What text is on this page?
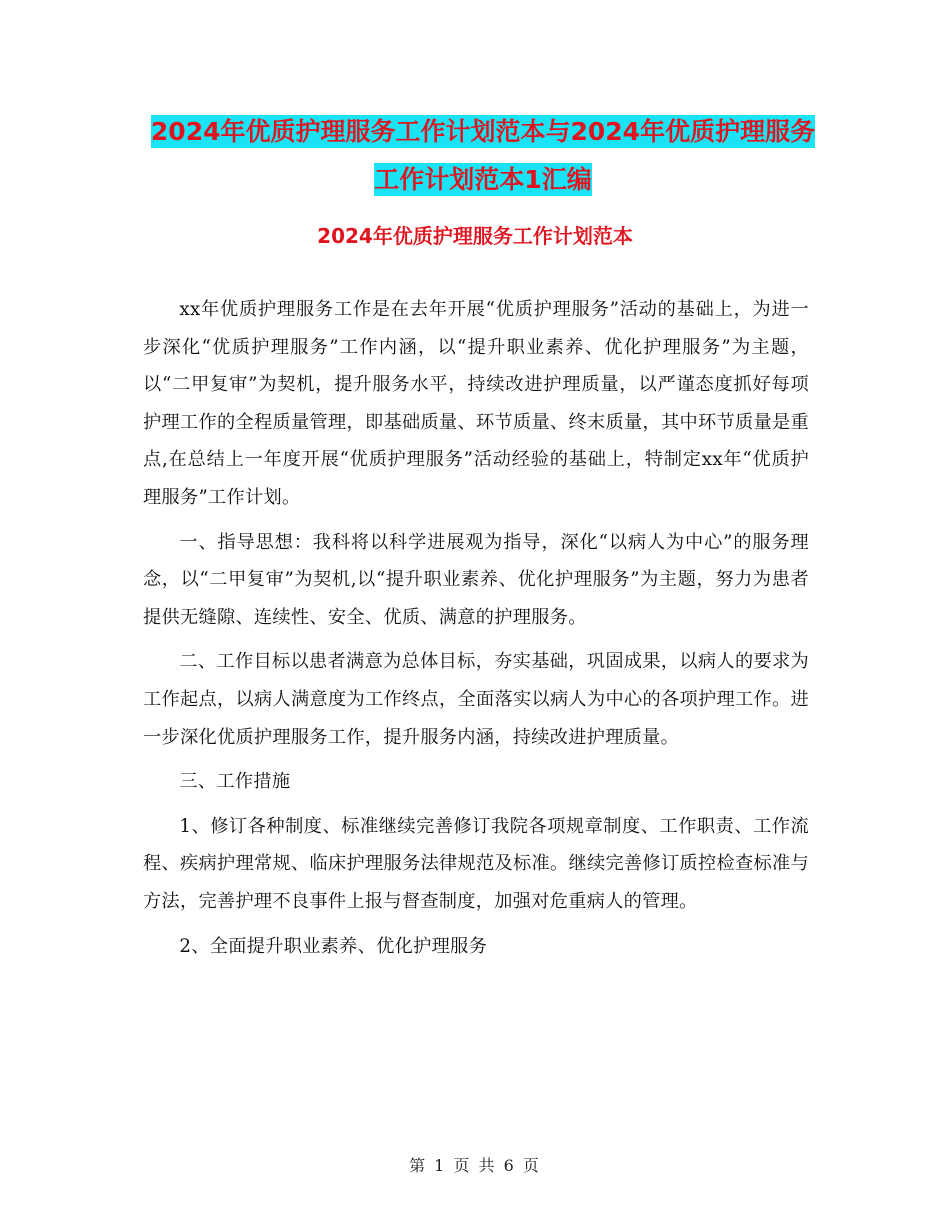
2024年优质护理服务工作计划范本与2024年优质护理服务工作计划范本1汇编
2024年优质护理服务工作计划范本

xx年优质护理服务工作是在去年开展“优质护理服务”活动的基础上，为进一步深化“优质护理服务”工作内涵，以“提升职业素养、优化护理服务”为主题，以“二甲复审”为契机，提升服务水平，持续改进护理质量，以严谨态度抓好每项护理工作的全程质量管理，即基础质量、环节质量、终末质量，其中环节质量是重点,在总结上一年度开展“优质护理服务”活动经验的基础上，特制定xx年“优质护理服务”工作计划。

一、指导思想：我科将以科学进展观为指导，深化“以病人为中心”的服务理念，以“二甲复审”为契机,以“提升职业素养、优化护理服务”为主题，努力为患者提供无缝隙、连续性、安全、优质、满意的护理服务。

二、工作目标以患者满意为总体目标，夯实基础，巩固成果，以病人的要求为工作起点，以病人满意度为工作终点，全面落实以病人为中心的各项护理工作。进一步深化优质护理服务工作，提升服务内涵，持续改进护理质量。

三、工作措施

1、修订各种制度、标准继续完善修订我院各项规章制度、工作职责、工作流程、疾病护理常规、临床护理服务法律规范及标准。继续完善修订质控检查标准与方法，完善护理不良事件上报与督查制度，加强对危重病人的管理。

2、全面提升职业素养、优化护理服务

第 1 页 共 6 页
